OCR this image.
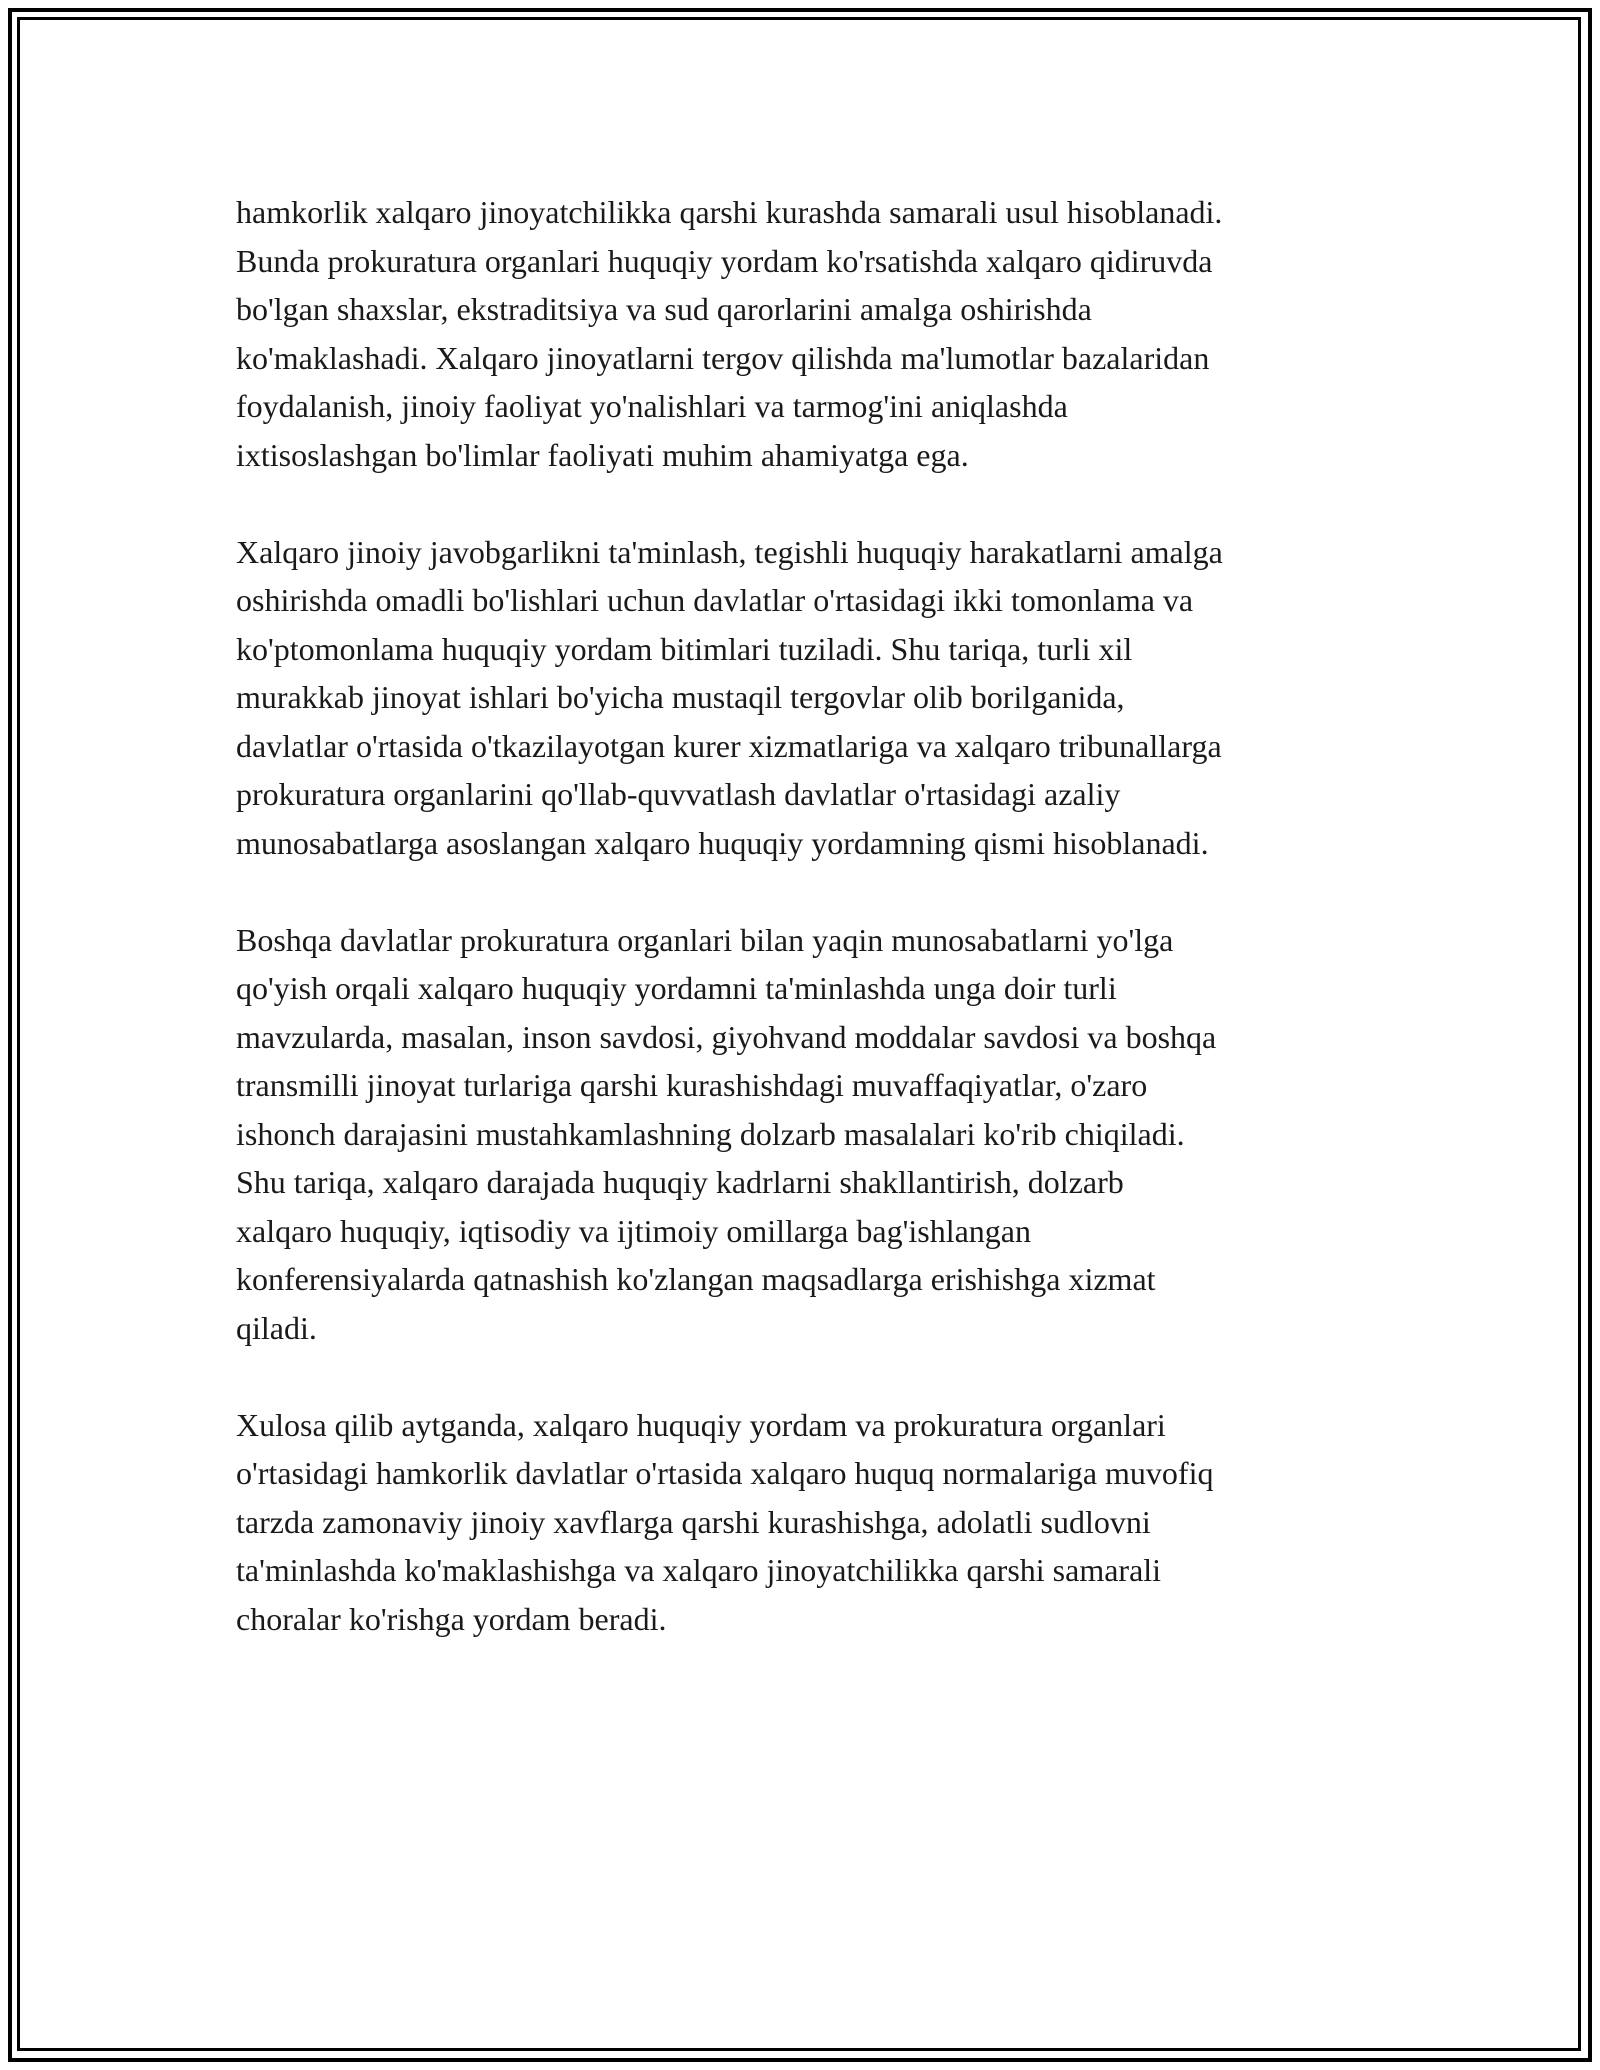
hamkorlik xalqaro jinoyatchilikka qarshi kurashda samarali usul hisoblanadi.
Bunda prokuratura organlari huquqiy yordam ko'rsatishda xalqaro qidiruvda
bo'lgan shaxslar, ekstraditsiya va sud qarorlarini amalga oshirishda
ko'maklashadi. Xalqaro jinoyatlarni tergov qilishda ma'lumotlar bazalaridan
foydalanish, jinoiy faoliyat yo'nalishlari va tarmog'ini aniqlashda
ixtisoslashgan bo'limlar faoliyati muhim ahamiyatga ega.

Xalqaro jinoiy javobgarlikni ta'minlash, tegishli huquqiy harakatlarni amalga
oshirishda omadli bo'lishlari uchun davlatlar o'rtasidagi ikki tomonlama va
ko'ptomonlama huquqiy yordam bitimlari tuziladi. Shu tariqa, turli xil
murakkab jinoyat ishlari bo'yicha mustaqil tergovlar olib borilganida,
davlatlar o'rtasida o'tkazilayotgan kurer xizmatlariga va xalqaro tribunallarga
prokuratura organlarini qo'llab-quvvatlash davlatlar o'rtasidagi azaliy
munosabatlarga asoslangan xalqaro huquqiy yordamning qismi hisoblanadi.

Boshqa davlatlar prokuratura organlari bilan yaqin munosabatlarni yo'lga
qo'yish orqali xalqaro huquqiy yordamni ta'minlashda unga doir turli
mavzularda, masalan, inson savdosi, giyohvand moddalar savdosi va boshqa
transmilli jinoyat turlariga qarshi kurashishdagi muvaffaqiyatlar, o'zaro
ishonch darajasini mustahkamlashning dolzarb masalalari ko'rib chiqiladi.
Shu tariqa, xalqaro darajada huquqiy kadrlarni shakllantirish, dolzarb
xalqaro huquqiy, iqtisodiy va ijtimoiy omillarga bag'ishlangan
konferensiyalarda qatnashish ko'zlangan maqsadlarga erishishga xizmat
qiladi.

Xulosa qilib aytganda, xalqaro huquqiy yordam va prokuratura organlari
o'rtasidagi hamkorlik davlatlar o'rtasida xalqaro huquq normalariga muvofiq
tarzda zamonaviy jinoiy xavflarga qarshi kurashishga, adolatli sudlovni
ta'minlashda ko'maklashishga va xalqaro jinoyatchilikka qarshi samarali
choralar ko'rishga yordam beradi.
